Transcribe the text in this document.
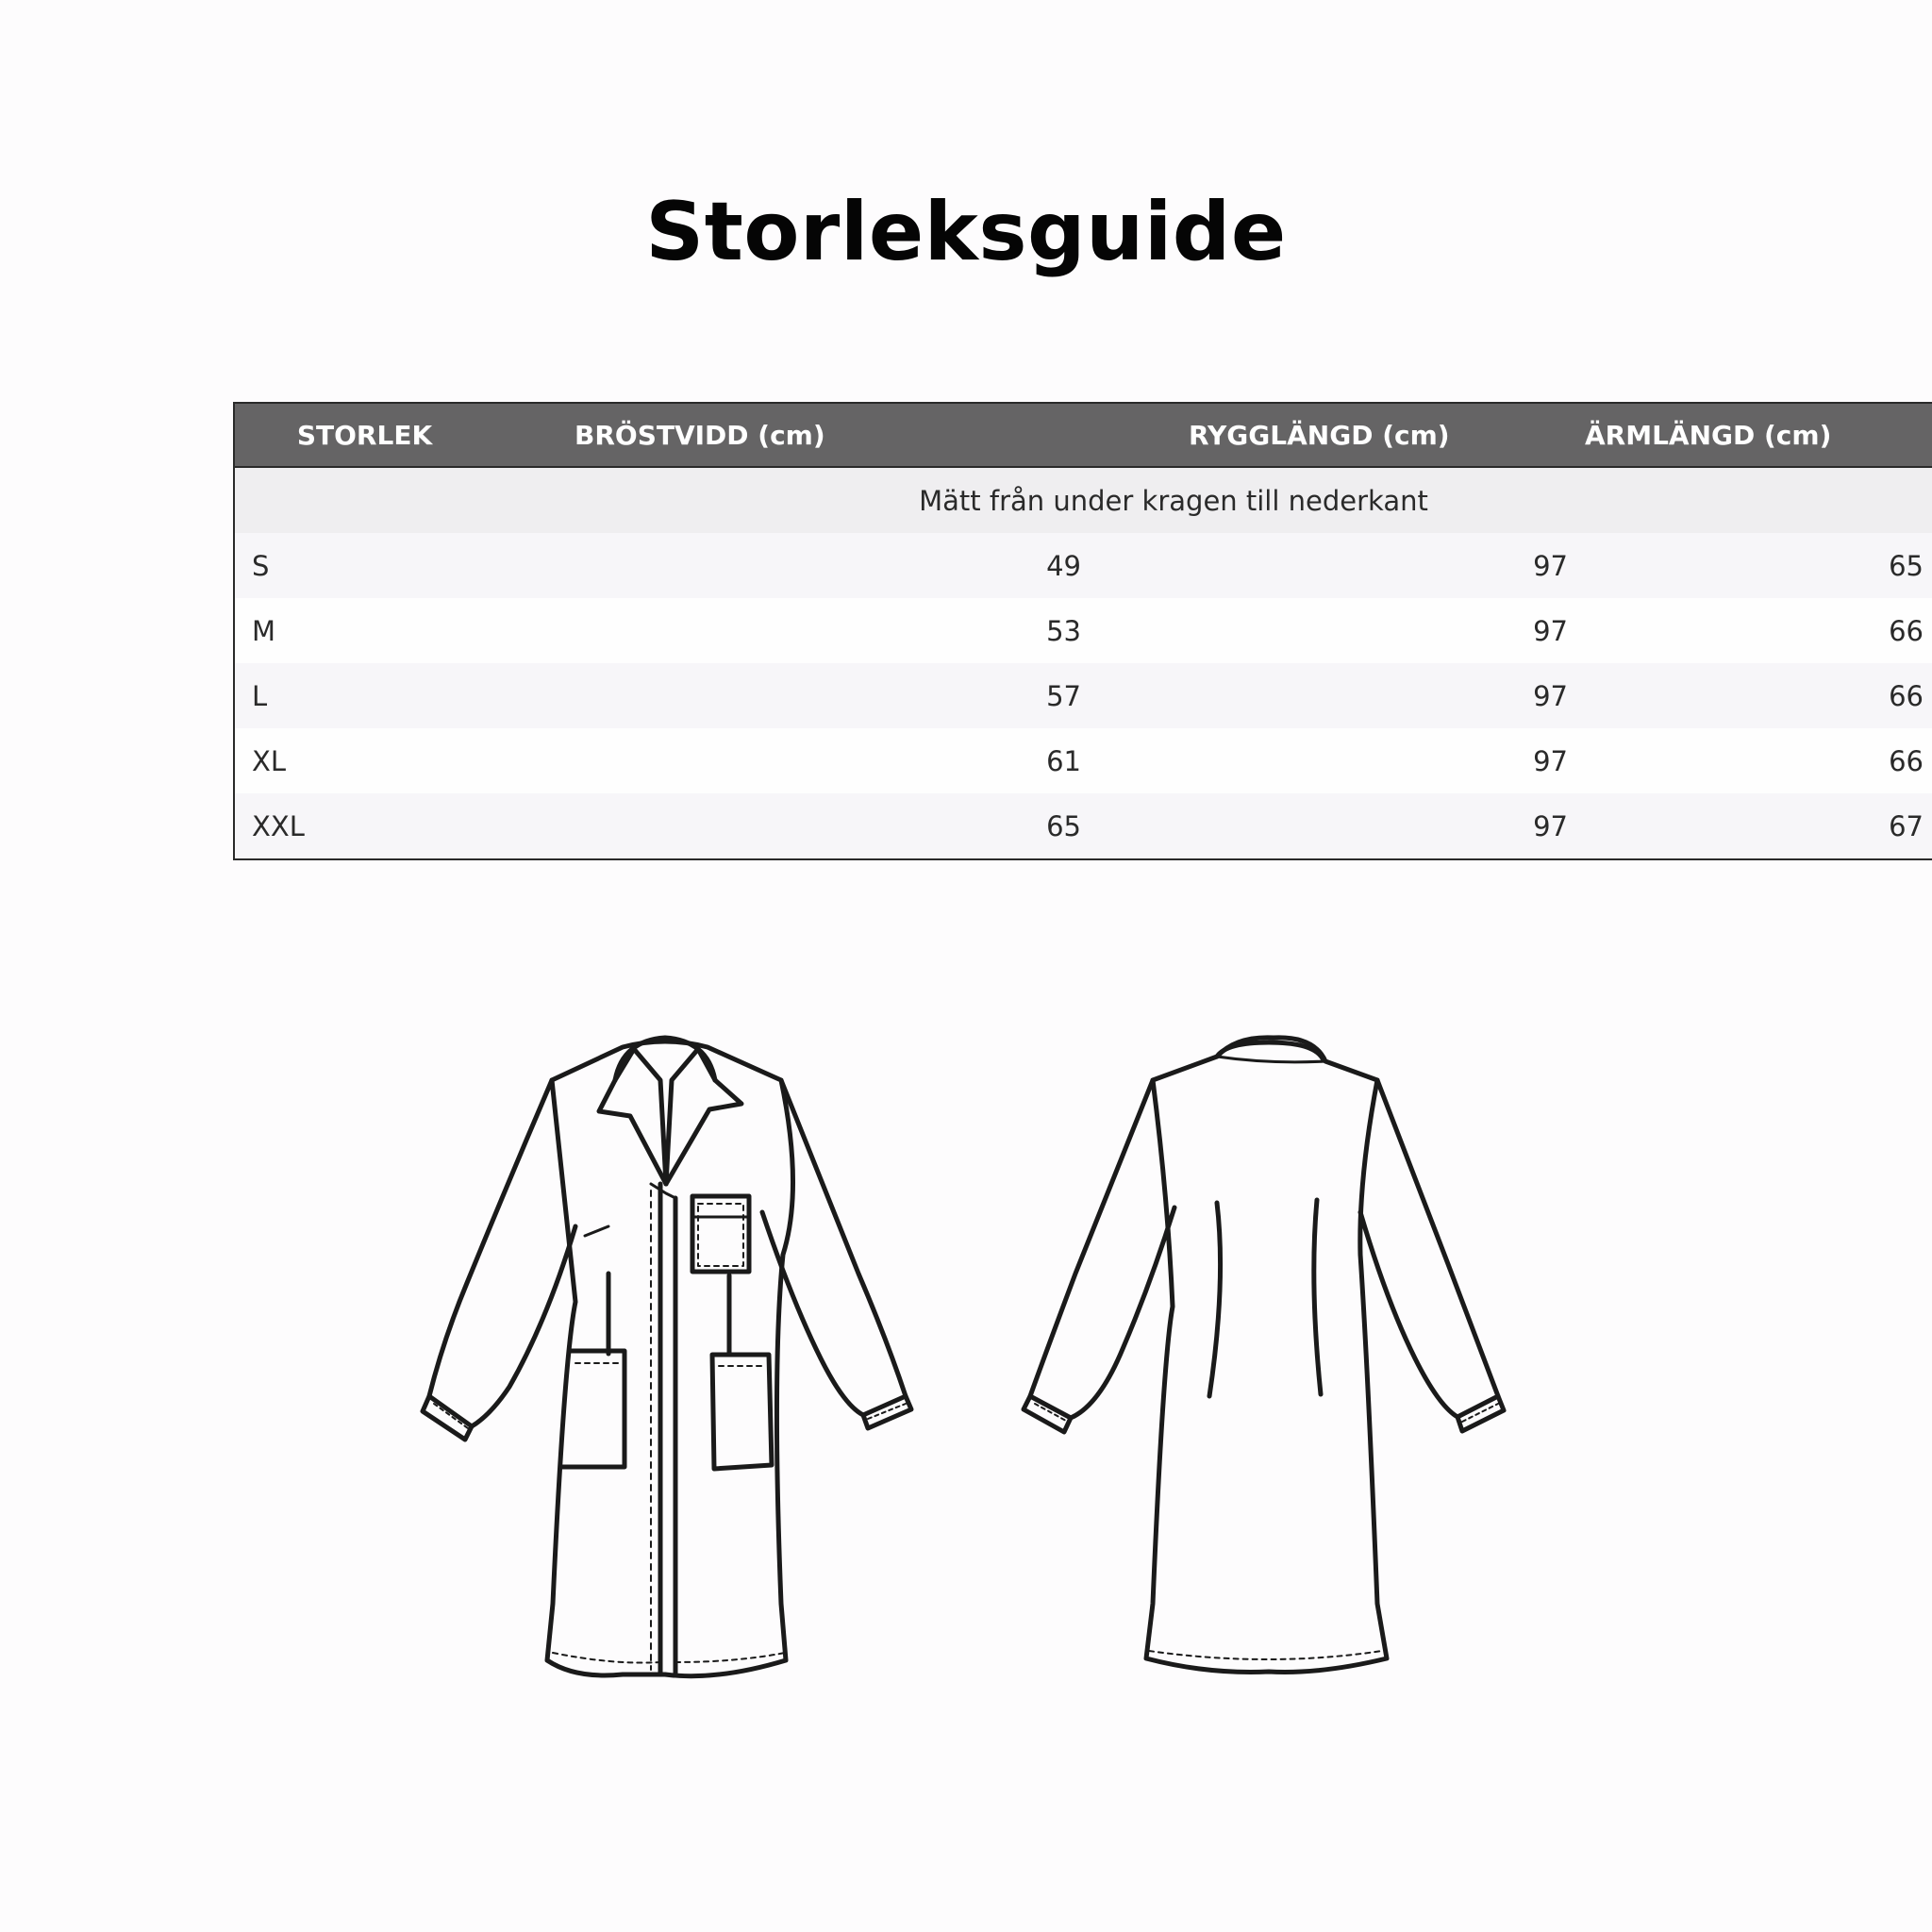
Storleksguide
STORLEK	BRÖSTVIDD (cm)	RYGGLÄNGD (cm)	ÄRMLÄNGD (cm)
Mätt från under kragen till nederkant			
S	49	97	65
M	53	97	66
L	57	97	66
XL	61	97	66
XXL	65	97	67
